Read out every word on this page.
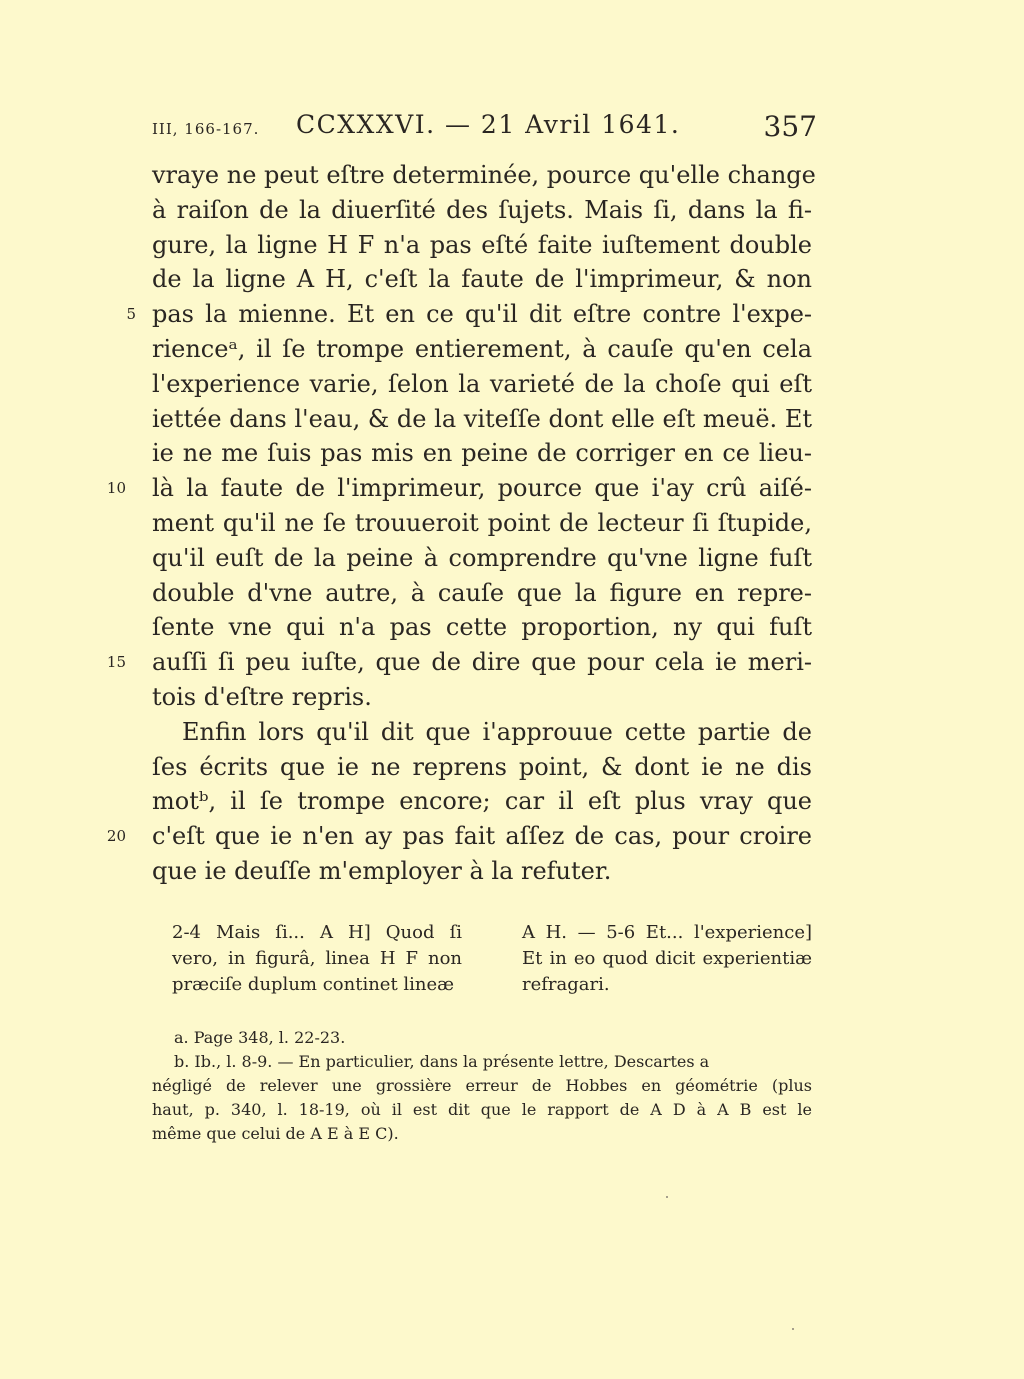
III, 166-167. CCXXXVI. — 21 Avril 1641.	357
vraye ne peut eſtre determinée, pource qu'elle change
à raiſon de la diuerſité des ſujets. Mais ſi, dans la fi-
gure, la ligne H F n'a pas eſté faite iuſtement double
de la ligne A H, c'eſt la faute de l'imprimeur, & non
5 pas la mienne. Et en ce qu'il dit eſtre contre l'expe-
rienceᵃ, il ſe trompe entierement, à cauſe qu'en cela
l'experience varie, ſelon la varieté de la choſe qui eſt
iettée dans l'eau, & de la viteſſe dont elle eſt meuë. Et
ie ne me ſuis pas mis en peine de corriger en ce lieu-
10 là la faute de l'imprimeur, pource que i'ay crû aiſé-
ment qu'il ne ſe trouueroit point de lecteur ſi ſtupide,
qu'il euſt de la peine à comprendre qu'vne ligne fuſt
double d'vne autre, à cauſe que la figure en repre-
ſente vne qui n'a pas cette proportion, ny qui fuſt
15 auſſi ſi peu iuſte, que de dire que pour cela ie meri-
tois d'eſtre repris.
Enfin lors qu'il dit que i'approuue cette partie de
ſes écrits que ie ne reprens point, & dont ie ne dis
motᵇ, il ſe trompe encore; car il eſt plus vray que
20 c'eſt que ie n'en ay pas fait aſſez de cas, pour croire
que ie deuſſe m'employer à la refuter.
2-4 Mais ſi... A H] Quod ſi
vero, in figurâ, linea H F non
præciſe duplum continet lineæ
A H. — 5-6 Et... l'experience]
Et in eo quod dicit experientiæ
refragari.
a. Page 348, l. 22-23.
b. Ib., l. 8-9. — En particulier, dans la présente lettre, Descartes a
négligé de relever une grossière erreur de Hobbes en géométrie (plus
haut, p. 340, l. 18-19, où il est dit que le rapport de A D à A B est le
même que celui de A E à E C).
